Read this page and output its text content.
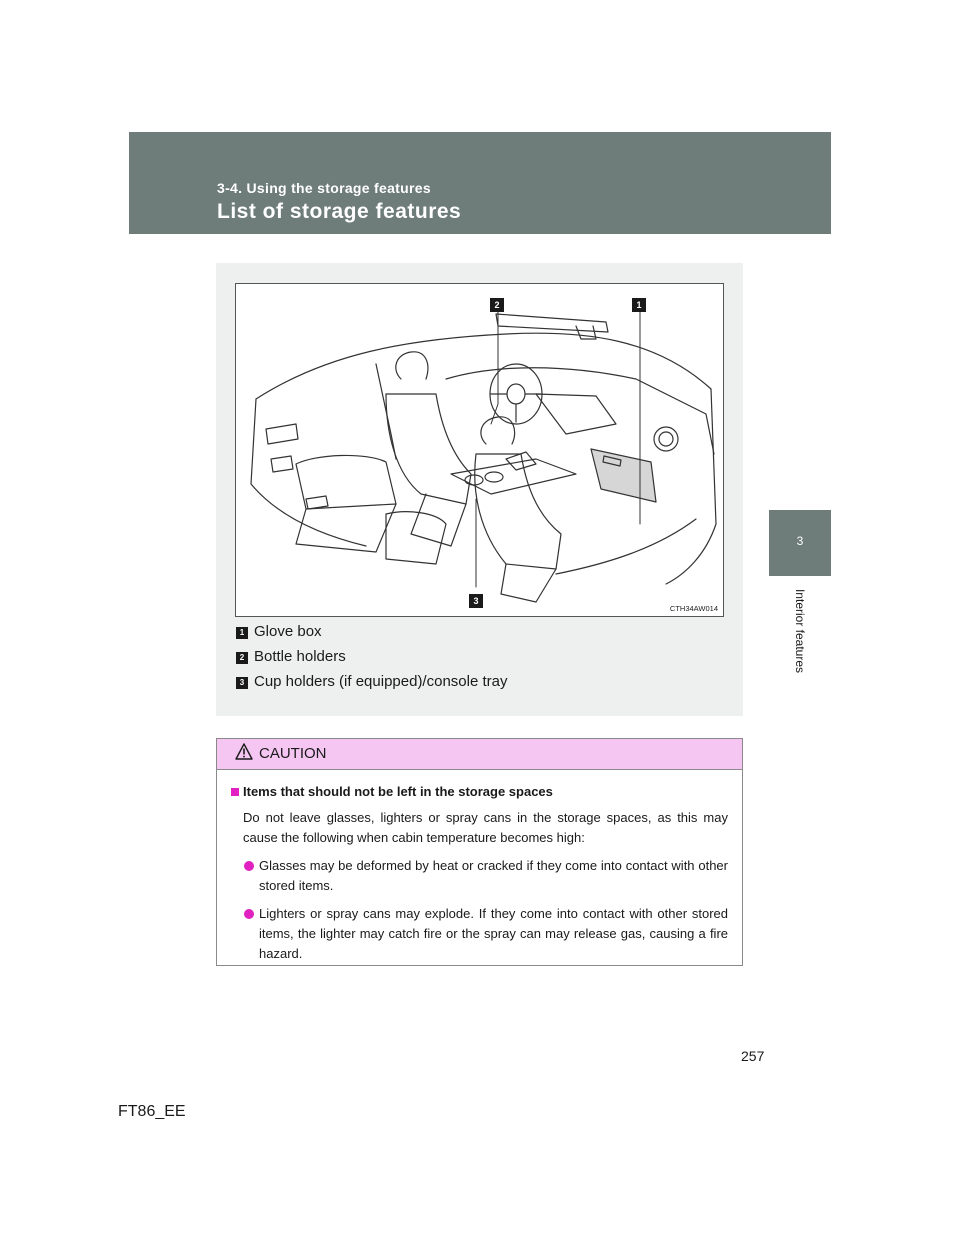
3-4. Using the storage features
List of storage features
3
Interior features
2	1
3
CTH34AW014
1 Glove box
2 Bottle holders
3 Cup holders (if equipped)/console tray
CAUTION
Items that should not be left in the storage spaces
Do not leave glasses, lighters or spray cans in the storage spaces, as this may cause the following when cabin temperature becomes high:
Glasses may be deformed by heat or cracked if they come into contact with other stored items.
Lighters or spray cans may explode. If they come into contact with other stored items, the lighter may catch fire or the spray can may release gas, causing a fire hazard.
257
FT86_EE
